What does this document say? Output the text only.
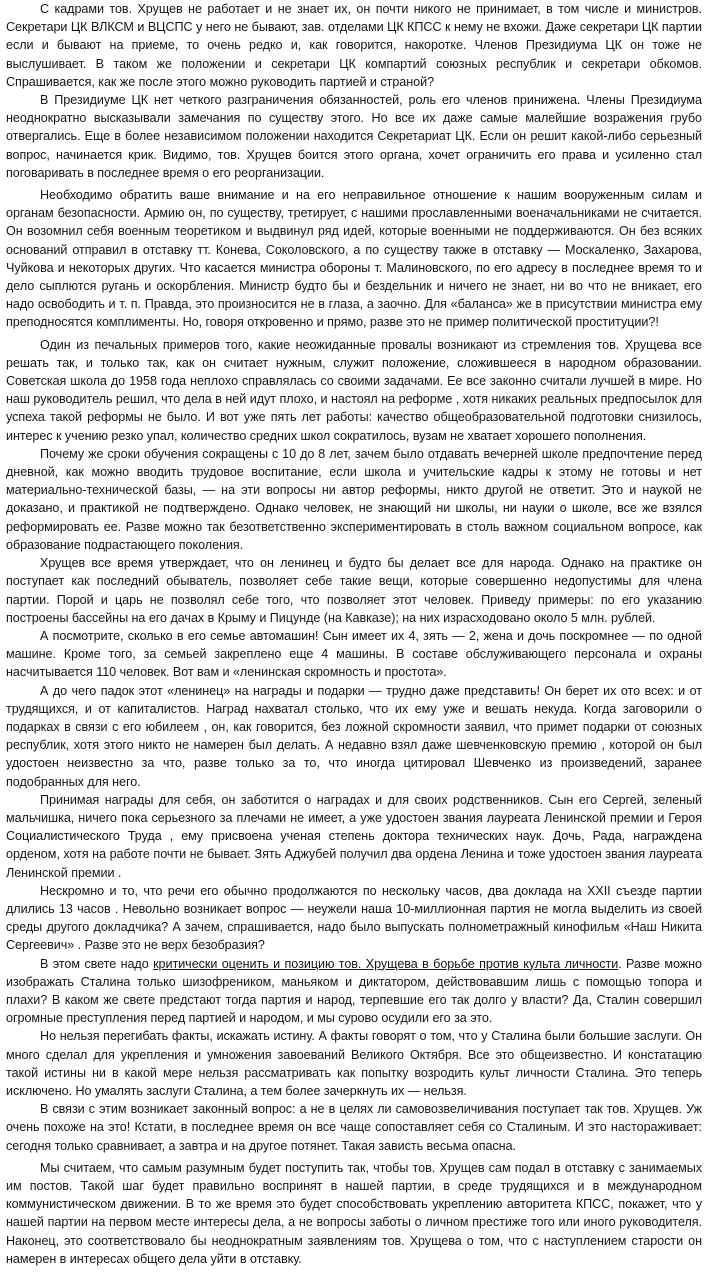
С кадрами тов. Хрущев не работает и не знает их, он почти никого не принимает, в том числе и министров. Секретари ЦК ВЛКСМ и ВЦСПС у него не бывают, зав. отделами ЦК КПСС к нему не вхожи. Даже секретари ЦК партии если и бывают на приеме, то очень редко и, как говорится, накоротке. Членов Президиума ЦК он тоже не выслушивает. В таком же положении и секретари ЦК компартий союзных республик и секретари обкомов. Спрашивается, как же после этого можно руководить партией и страной?

В Президиуме ЦК нет четкого разграничения обязанностей, роль его членов принижена. Члены Президиума неоднократно высказывали замечания по существу этого. Но все их даже самые малейшие возражения грубо отвергались. Еще в более независимом положении находится Секретариат ЦК. Если он решит какой-либо серьезный вопрос, начинается крик. Видимо, тов. Хрущев боится этого органа, хочет ограничить его права и усиленно стал поговаривать в последнее время о его реорганизации.

Необходимо обратить ваше внимание и на его неправильное отношение к нашим вооруженным силам и органам безопасности. Армию он, по существу, третирует, с нашими прославленными военачальниками не считается. Он возомнил себя военным теоретиком и выдвинул ряд идей, которые военными не поддерживаются. Он без всяких оснований отправил в отставку тт. Конева, Соколовского, а по существу также в отставку — Москаленко, Захарова, Чуйкова и некоторых других. Что касается министра обороны т. Малиновского, по его адресу в последнее время то и дело сыплются ругань и оскорбления. Министр будто бы и бездельник и ничего не знает, ни во что не вникает, его надо освободить и т. п. Правда, это произносится не в глаза, а заочно. Для «баланса» же в присутствии министра ему преподносятся комплименты. Но, говоря откровенно и прямо, разве это не пример политической проституции?!

Один из печальных примеров того, какие неожиданные провалы возникают из стремления тов. Хрущева все решать так, и только так, как он считает нужным, служит положение, сложившееся в народном образовании. Советская школа до 1958 года неплохо справлялась со своими задачами. Ее все законно считали лучшей в мире. Но наш руководитель решил, что дела в ней идут плохо, и настоял на реформе , хотя никаких реальных предпосылок для успеха такой реформы не было. И вот уже пять лет работы: качество общеобразовательной подготовки снизилось, интерес к учению резко упал, количество средних школ сократилось, вузам не хватает хорошего пополнения.

Почему же сроки обучения сокращены с 10 до 8 лет, зачем было отдавать вечерней школе предпочтение перед дневной, как можно вводить трудовое воспитание, если школа и учительские кадры к этому не готовы и нет материально-технической базы, — на эти вопросы ни автор реформы, никто другой не ответит. Это и наукой не доказано, и практикой не подтверждено. Однако человек, не знающий ни школы, ни науки о школе, все же взялся реформировать ее. Разве можно так безответственно экспериментировать в столь важном социальном вопросе, как образование подрастающего поколения.

Хрущев все время утверждает, что он ленинец и будто бы делает все для народа. Однако на практике он поступает как последний обыватель, позволяет себе такие вещи, которые совершенно недопустимы для члена партии. Порой и царь не позволял себе того, что позволяет этот человек. Приведу примеры: по его указанию построены бассейны на его дачах в Крыму и Пицунде (на Кавказе); на них израсходовано около 5 млн. рублей.

А посмотрите, сколько в его семье автомашин! Сын имеет их 4, зять — 2, жена и дочь поскромнее — по одной машине. Кроме того, за семьей закреплено еще 4 машины. В составе обслуживающего персонала и охраны насчитывается 110 человек. Вот вам и «ленинская скромность и простота».

А до чего падок этот «ленинец» на награды и подарки — трудно даже представить! Он берет их ото всех: и от трудящихся, и от капиталистов. Наград нахватал столько, что их ему уже и вешать некуда. Когда заговорили о подарках в связи с его юбилеем , он, как говорится, без ложной скромности заявил, что примет подарки от союзных республик, хотя этого никто не намерен был делать. А недавно взял даже шевченковскую премию , которой он был удостоен неизвестно за что, разве только за то, что иногда цитировал Шевченко из произведений, заранее подобранных для него.

Принимая награды для себя, он заботится о наградах и для своих родственников. Сын его Сергей, зеленый мальчишка, ничего пока серьезного за плечами не имеет, а уже удостоен звания лауреата Ленинской премии и Героя Социалистического Труда , ему присвоена ученая степень доктора технических наук. Дочь, Рада, награждена орденом, хотя на работе почти не бывает. Зять Аджубей получил два ордена Ленина и тоже удостоен звания лауреата Ленинской премии .

Нескромно и то, что речи его обычно продолжаются по нескольку часов, два доклада на XXII съезде партии длились 13 часов . Невольно возникает вопрос — неужели наша 10-миллионная партия не могла выделить из своей среды другого докладчика? А зачем, спрашивается, надо было выпускать полнометражный кинофильм «Наш Никита Сергеевич» . Разве это не верх безобразия?

В этом свете надо критически оценить и позицию тов. Хрущева в борьбе против культа личности. Разве можно изображать Сталина только шизофреником, маньяком и диктатором, действовавшим лишь с помощью топора и плахи? В каком же свете предстают тогда партия и народ, терпевшие его так долго у власти? Да, Сталин совершил огромные преступления перед партией и народом, и мы сурово осудили его за это.

Но нельзя перегибать факты, искажать истину. А факты говорят о том, что у Сталина были большие заслуги. Он много сделал для укрепления и умножения завоеваний Великого Октября. Все это общеизвестно. И констатацию такой истины ни в какой мере нельзя рассматривать как попытку возродить культ личности Сталина. Это теперь исключено. Но умалять заслуги Сталина, а тем более зачеркнуть их — нельзя.

В связи с этим возникает законный вопрос: а не в целях ли самовозвеличивания поступает так тов. Хрущев. Уж очень похоже на это! Кстати, в последнее время он все чаще сопоставляет себя со Сталиным. И это настораживает: сегодня только сравнивает, а завтра и на другое потянет. Такая зависть весьма опасна.

Мы считаем, что самым разумным будет поступить так, чтобы тов. Хрущев сам подал в отставку с занимаемых им постов. Такой шаг будет правильно воспринят в нашей партии, в среде трудящихся и в международном коммунистическом движении. В то же время это будет способствовать укреплению авторитета КПСС, покажет, что у нашей партии на первом месте интересы дела, а не вопросы заботы о личном престиже того или иного руководителя. Наконец, это соответствовало бы неоднократным заявлениям тов. Хрущева о том, что с наступлением старости он намерен в интересах общего дела уйти в отставку.
